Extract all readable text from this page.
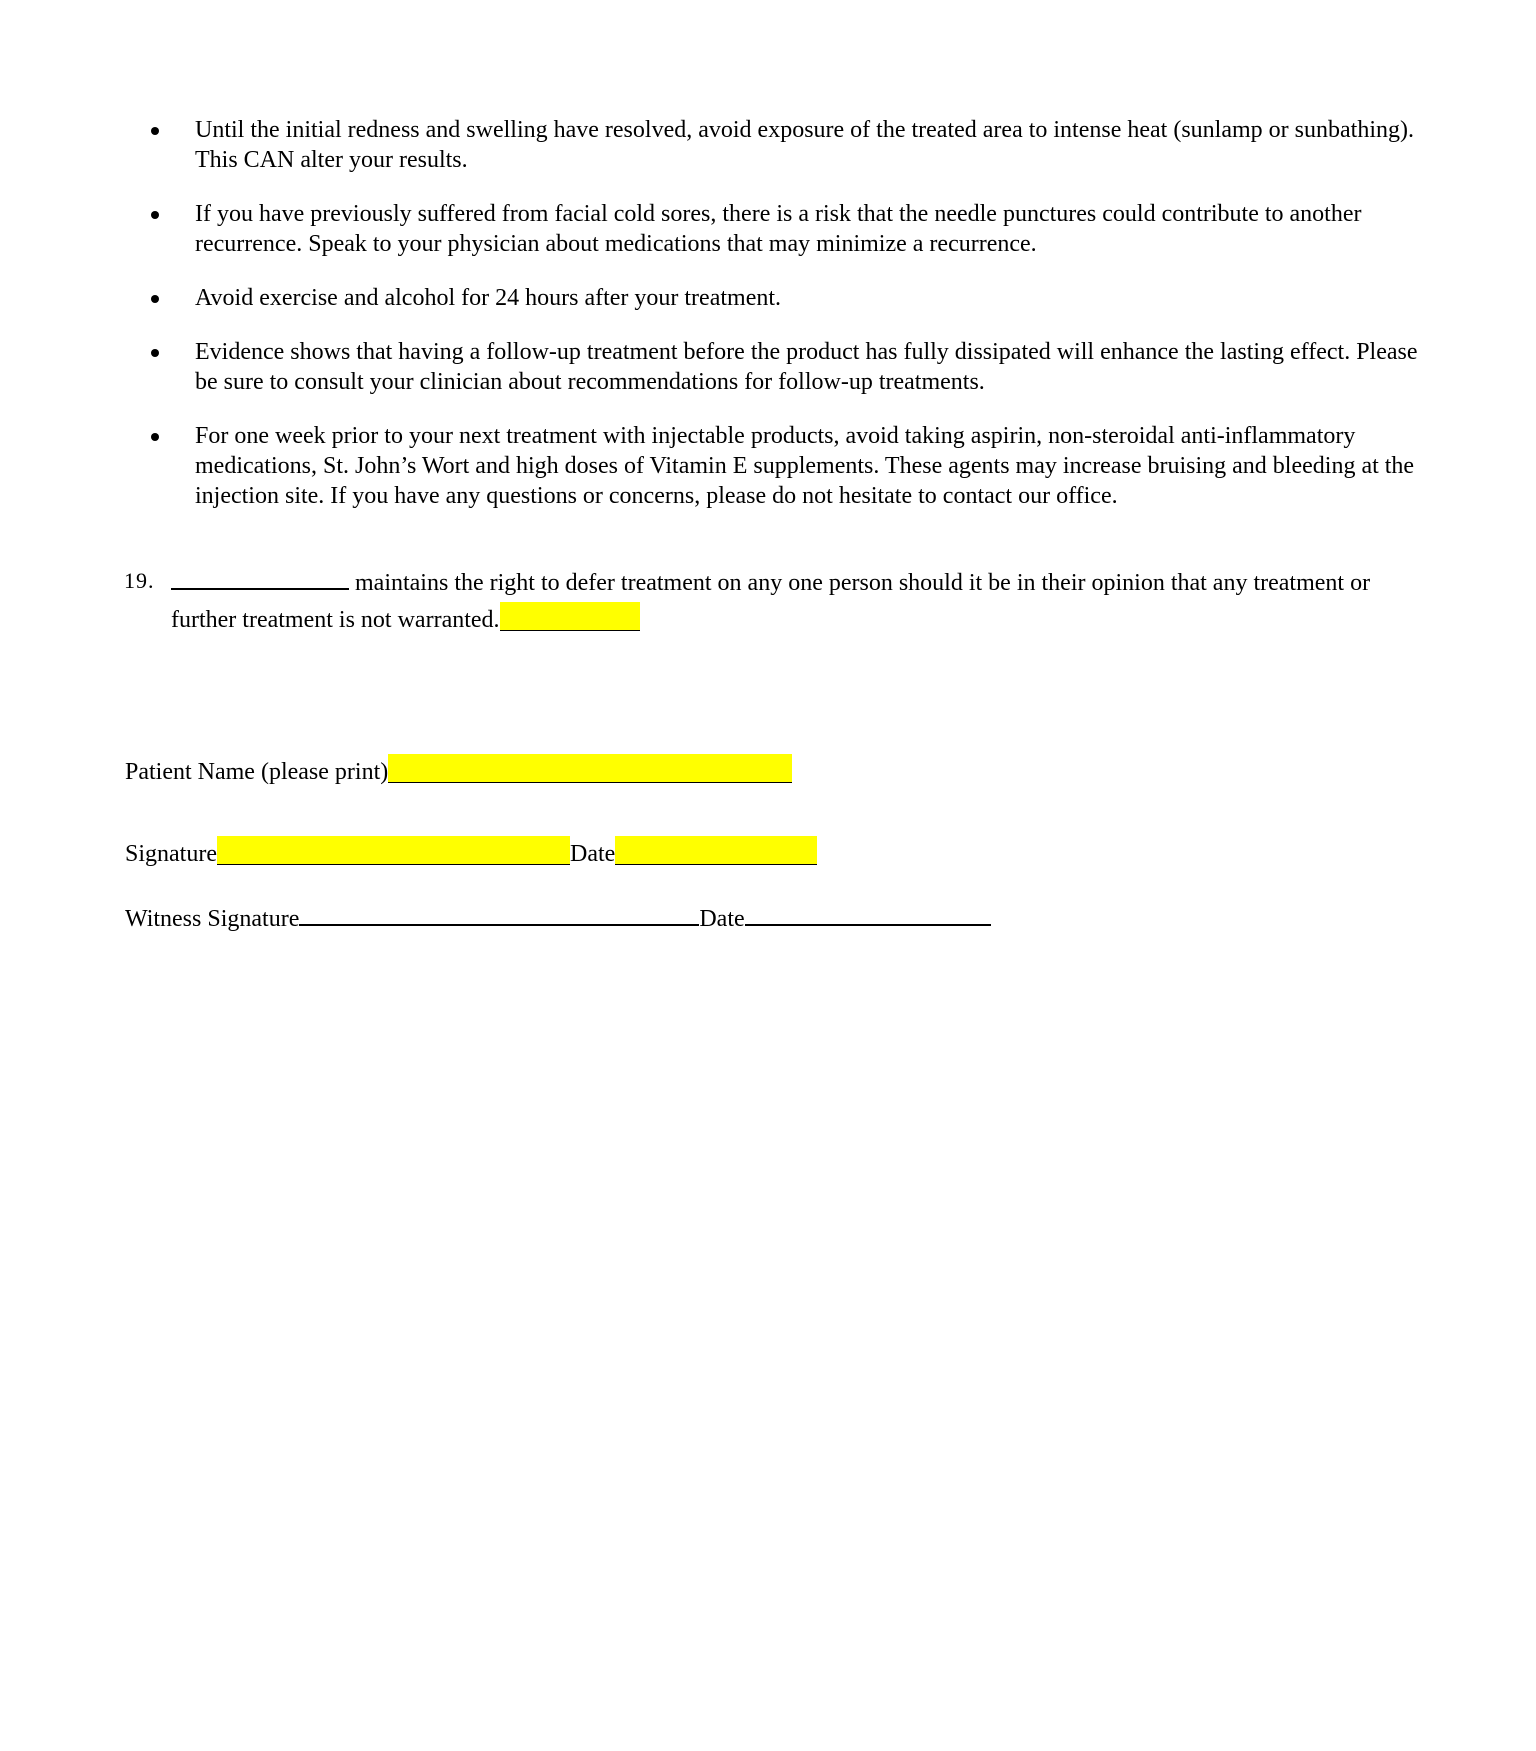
Until the initial redness and swelling have resolved, avoid exposure of the treated area to intense heat (sunlamp or sunbathing). This CAN alter your results.
If you have previously suffered from facial cold sores, there is a risk that the needle punctures could contribute to another recurrence. Speak to your physician about medications that may minimize a recurrence.
Avoid exercise and alcohol for 24 hours after your treatment.
Evidence shows that having a follow-up treatment before the product has fully dissipated will enhance the lasting effect. Please be sure to consult your clinician about recommendations for follow-up treatments.
For one week prior to your next treatment with injectable products, avoid taking aspirin, non-steroidal anti-inflammatory medications, St. John’s Wort and high doses of Vitamin E supplements. These agents may increase bruising and bleeding at the injection site. If you have any questions or concerns, please do not hesitate to contact our office.
19.	maintains the right to defer treatment on any one person should it be in their opinion that any treatment or further treatment is not warranted.
Patient Name (please print)
Signature	Date
Witness Signature	Date
